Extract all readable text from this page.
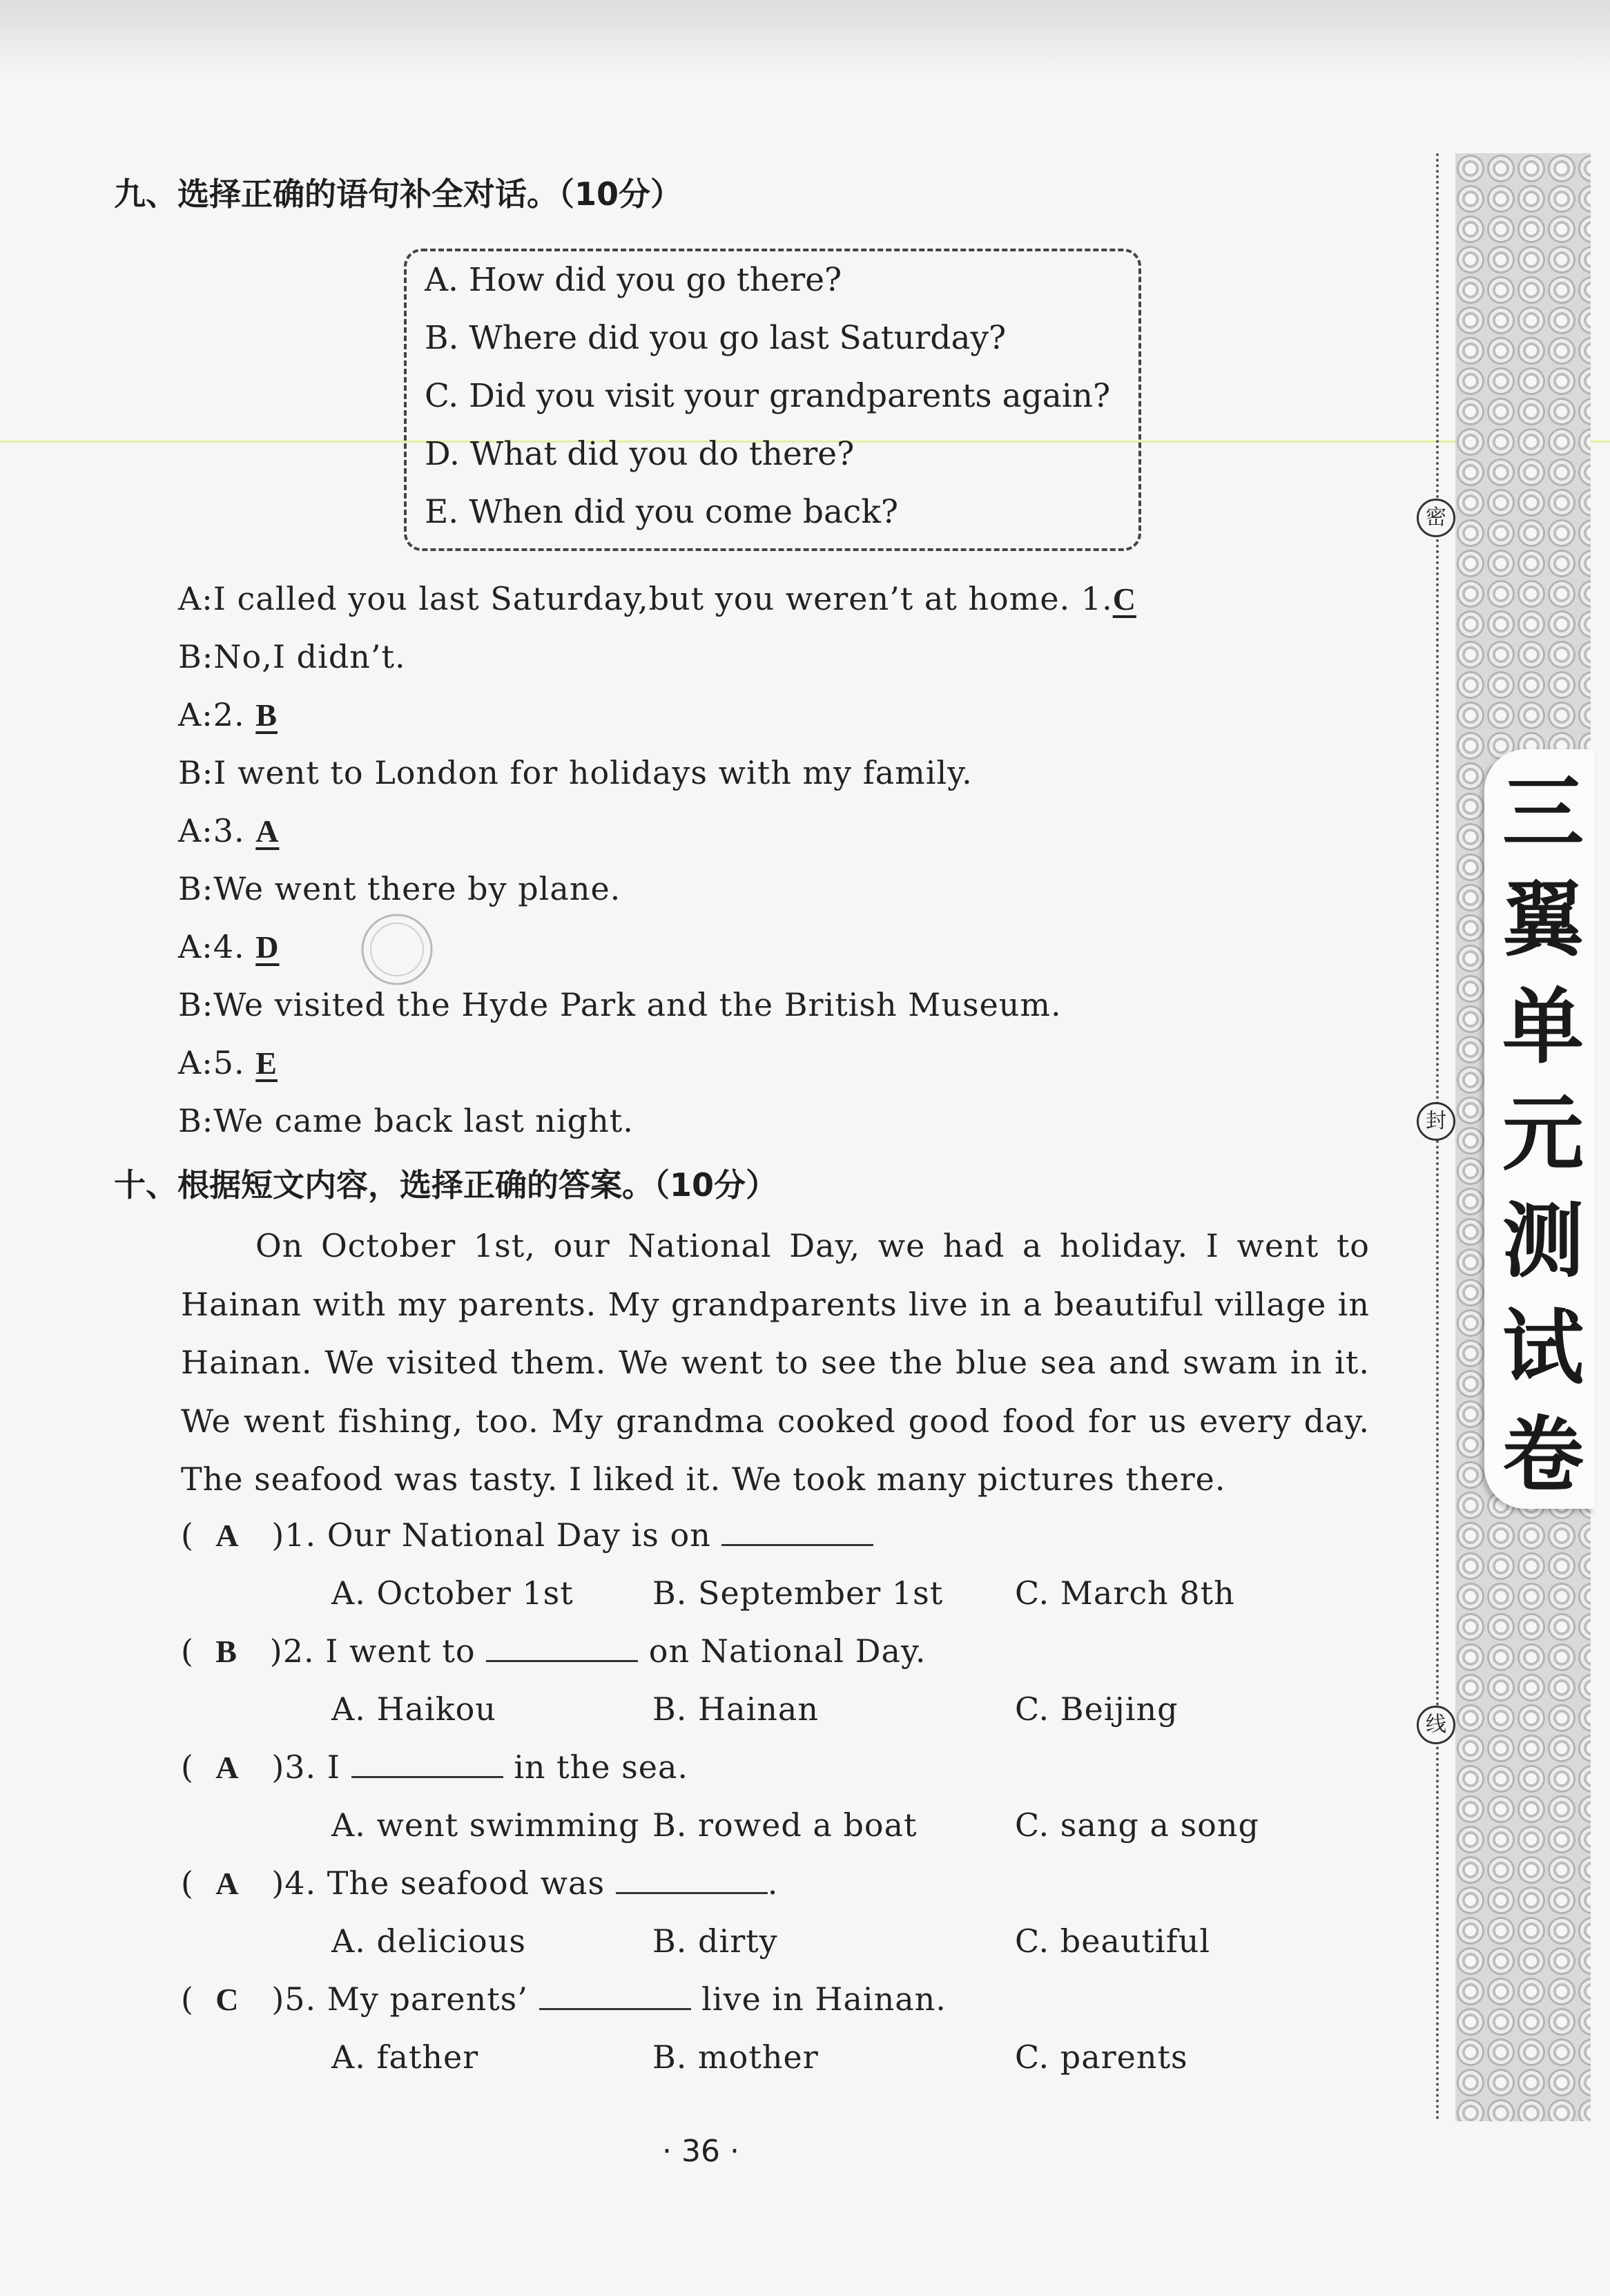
九、选择正确的语句补全对话。（10分）
A. How did you go there?
B. Where did you go last Saturday?
C. Did you visit your grandparents again?
D. What did you do there?
E. When did you come back?
A:I called you last Saturday,but you weren’t at home. 1.C
B:No,I didn’t.
A:2. B
B:I went to London for holidays with my family.
A:3. A
B:We went there by plane.
A:4. D
B:We visited the Hyde Park and the British Museum.
A:5. E
B:We came back last night.
十、根据短文内容，选择正确的答案。（10分）
On October 1st, our National Day, we had a holiday. I went to Hainan with my parents. My grandparents live in a beautiful village in Hainan. We visited them. We went to see the blue sea and swam in it. We went fishing, too. My grandma cooked good food for us every day. The seafood was tasty. I liked it. We took many pictures there.
( A )1. Our National Day is on
A. October 1st B. September 1st C. March 8th
( B )2. I went to	on National Day.
A. Haikou	B. Hainan	C. Beijing
( A )3. I	in the sea.
A. went swimming B. rowed a boat	C. sang a song
( A )4. The seafood was	.
A. delicious	B. dirty	C. beautiful
( C )5. My parents’	live in Hainan.
A. father	B. mother	C. parents
密
封
线
三
翼
单
元
测
试
卷
· 36 ·
